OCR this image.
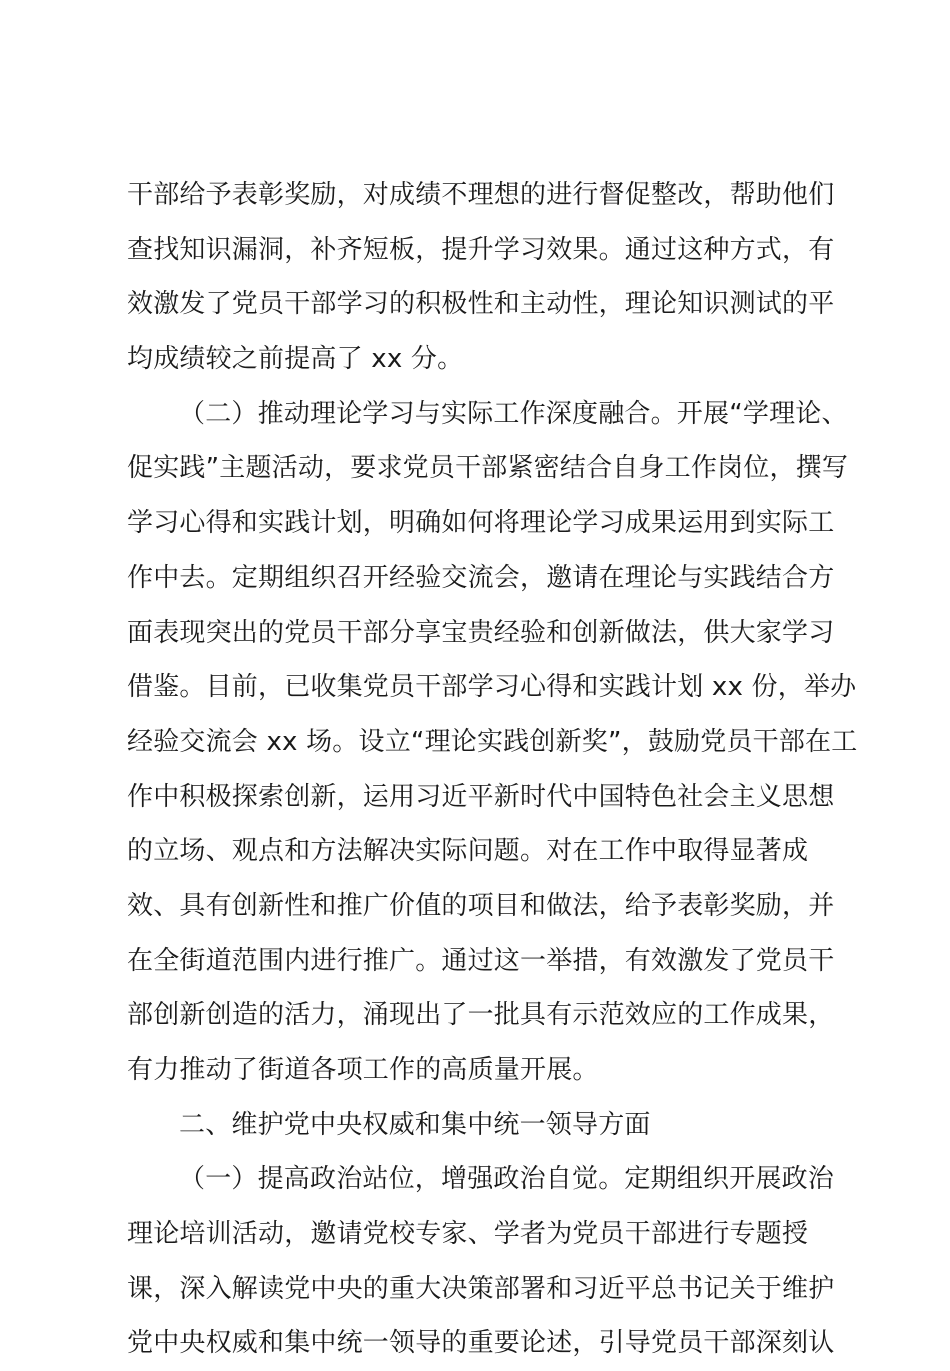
干部给予表彰奖励，对成绩不理想的进行督促整改，帮助他们
查找知识漏洞，补齐短板，提升学习效果。通过这种方式，有
效激发了党员干部学习的积极性和主动性，理论知识测试的平
均成绩较之前提高了 xx 分。
（二）推动理论学习与实际工作深度融合。开展“学理论、
促实践”主题活动，要求党员干部紧密结合自身工作岗位，撰写
学习心得和实践计划，明确如何将理论学习成果运用到实际工
作中去。定期组织召开经验交流会，邀请在理论与实践结合方
面表现突出的党员干部分享宝贵经验和创新做法，供大家学习
借鉴。目前，已收集党员干部学习心得和实践计划 xx 份，举办
经验交流会 xx 场。设立“理论实践创新奖”，鼓励党员干部在工
作中积极探索创新，运用习近平新时代中国特色社会主义思想
的立场、观点和方法解决实际问题。对在工作中取得显著成
效、具有创新性和推广价值的项目和做法，给予表彰奖励，并
在全街道范围内进行推广。通过这一举措，有效激发了党员干
部创新创造的活力，涌现出了一批具有示范效应的工作成果，
有力推动了街道各项工作的高质量开展。
二、维护党中央权威和集中统一领导方面
（一）提高政治站位，增强政治自觉。定期组织开展政治
理论培训活动，邀请党校专家、学者为党员干部进行专题授
课，深入解读党中央的重大决策部署和习近平总书记关于维护
党中央权威和集中统一领导的重要论述，引导党员干部深刻认
